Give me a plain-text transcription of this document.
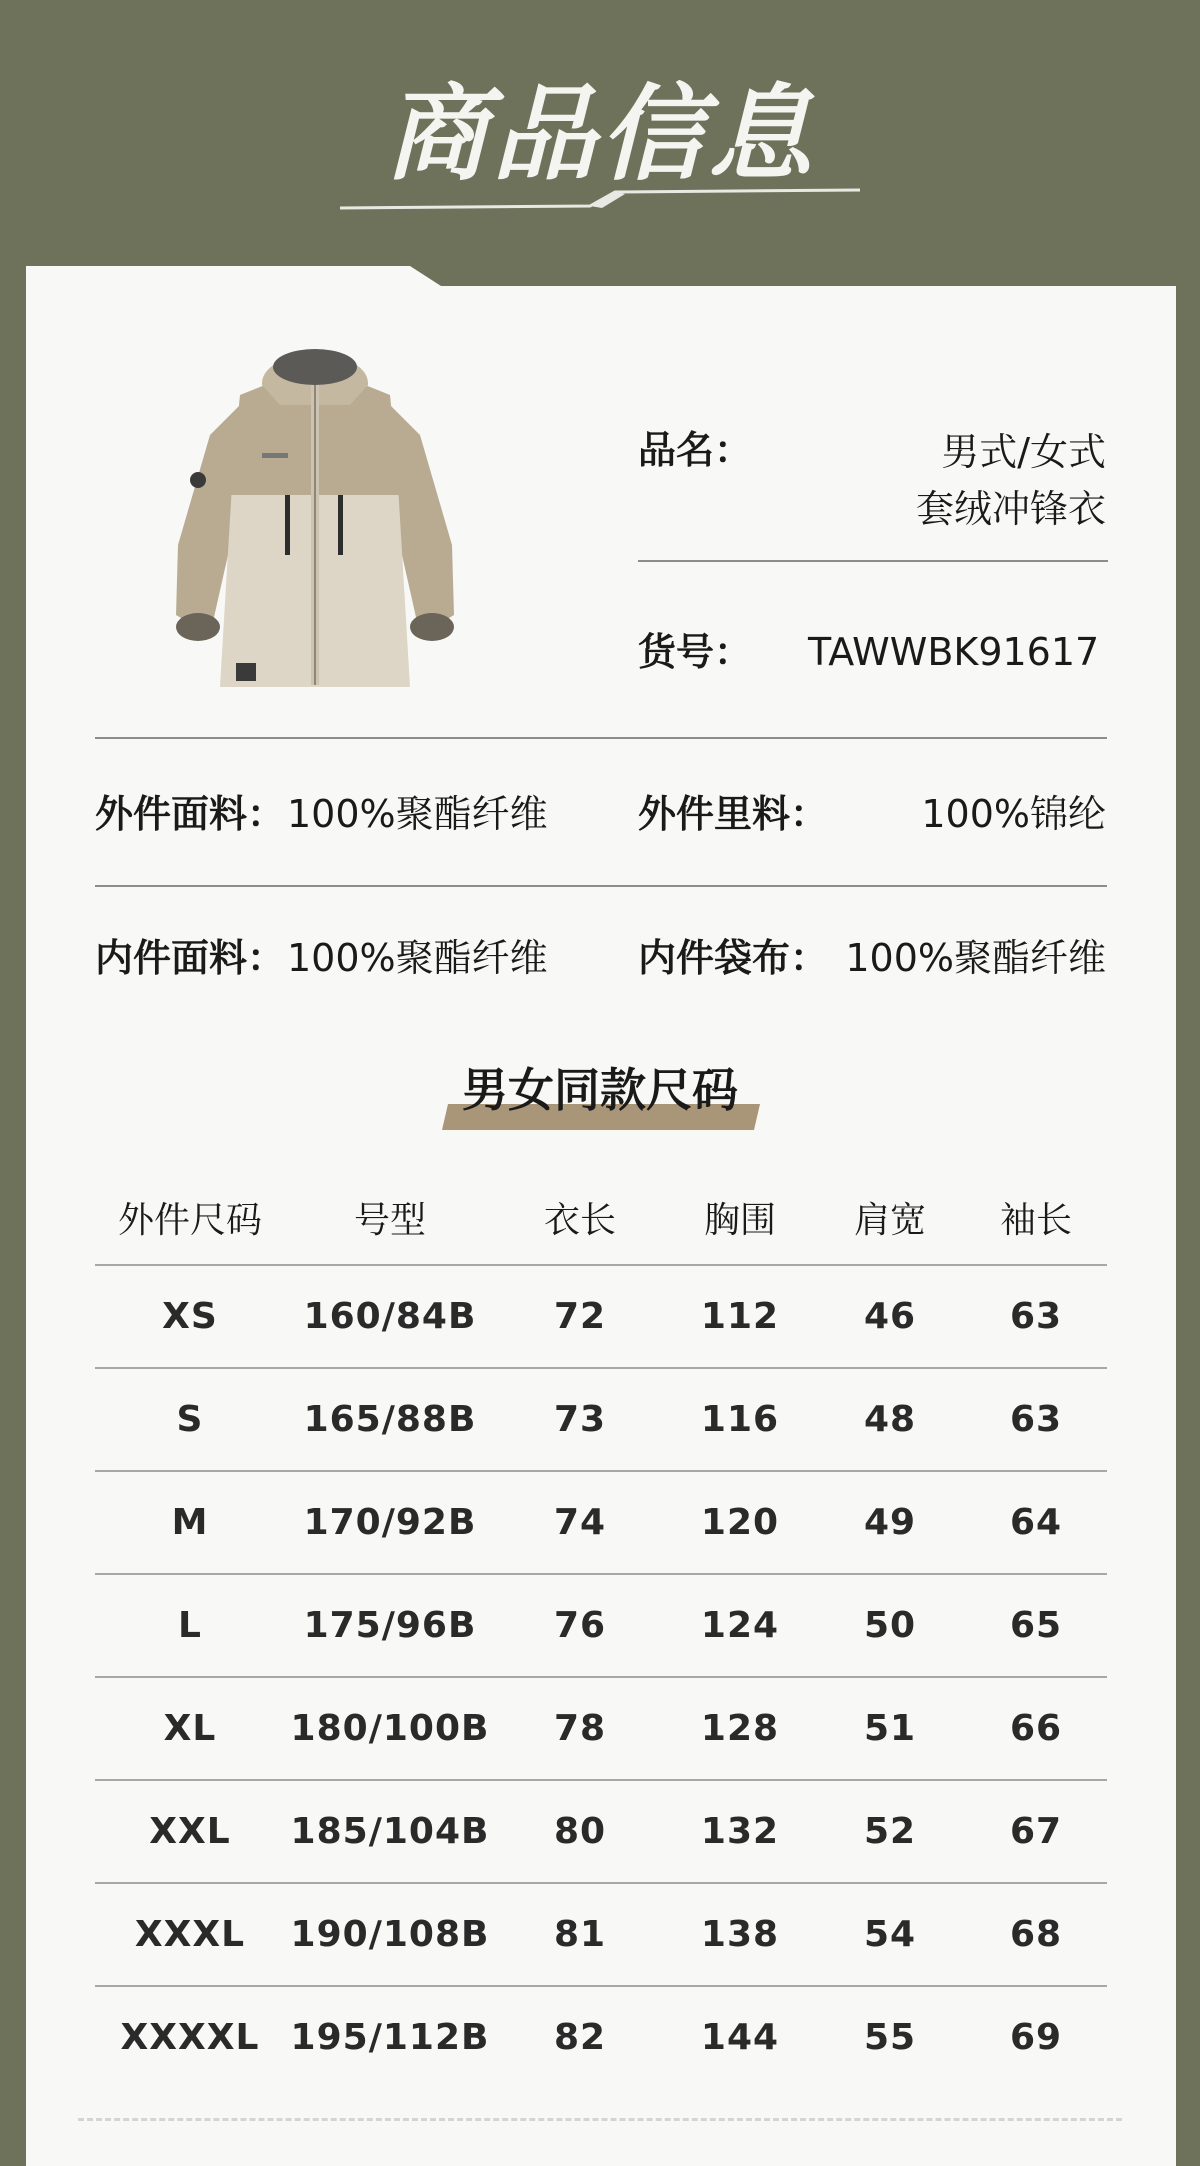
商品信息
品名：	男式/女式
套绒冲锋衣
货号： TAWWBK91617
外件面料： 100%聚酯纤维 外件里料： 100%锦纶
内件面料： 100%聚酯纤维 内件袋布： 100%聚酯纤维
男女同款尺码
外件尺码	号型	衣长	胸围	肩宽	袖长
XS	160/84B	72	112	46	63
S	165/88B	73	116	48	63
M	170/92B	74	120	49	64
L	175/96B	76	124	50	65
XL	180/100B	78	128	51	66
XXL	185/104B	80	132	52	67
XXXL	190/108B	81	138	54	68
XXXXL	195/112B	82	144	55	69
